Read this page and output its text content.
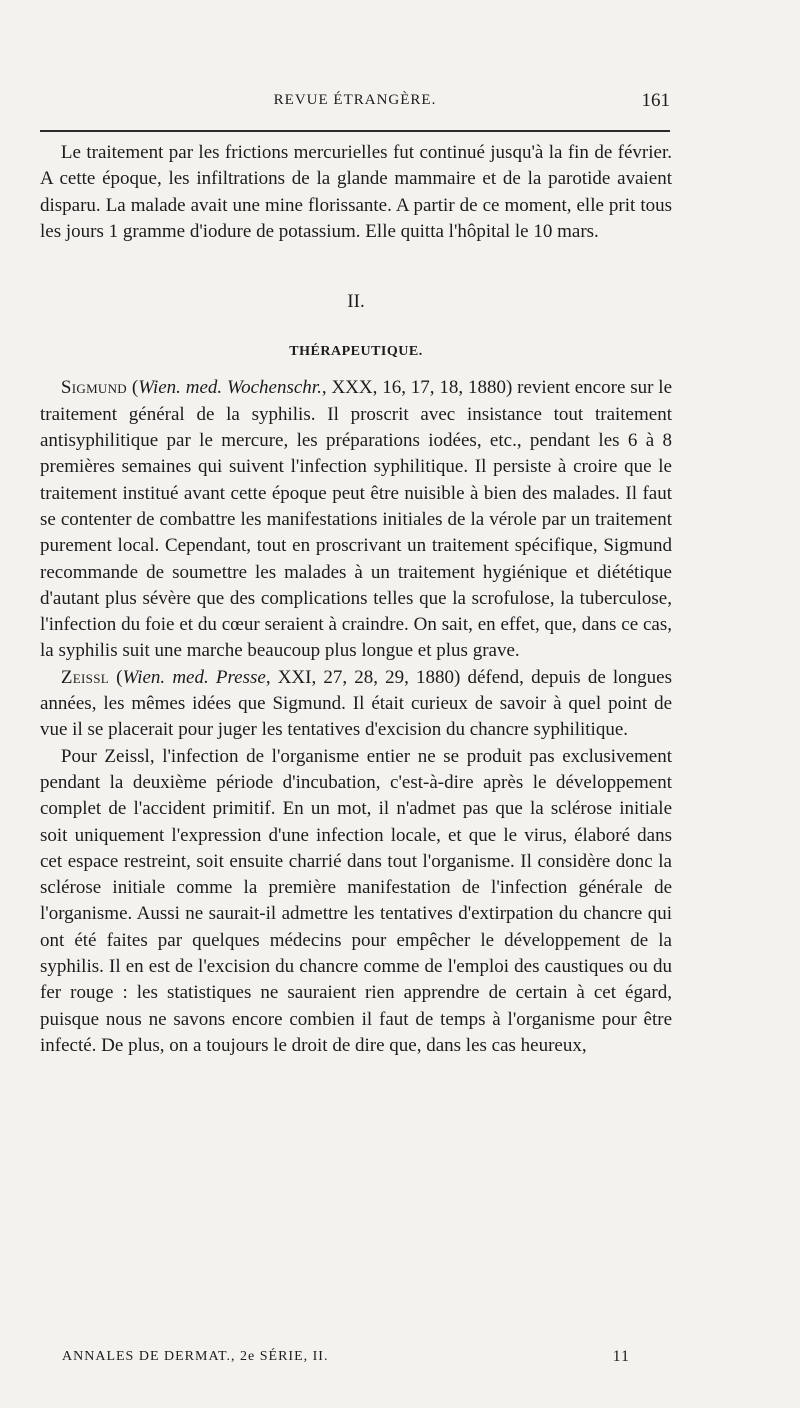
REVUE ÉTRANGÈRE.	161

Le traitement par les frictions mercurielles fut continué jusqu'à la fin de février. A cette époque, les infiltrations de la glande mammaire et de la parotide avaient disparu. La malade avait une mine florissante. A partir de ce moment, elle prit tous les jours 1 gramme d'iodure de potassium. Elle quitta l'hôpital le 10 mars.

II.

THÉRAPEUTIQUE.

Sigmund (Wien. med. Wochenschr., XXX, 16, 17, 18, 1880) revient encore sur le traitement général de la syphilis. Il proscrit avec insistance tout traitement antisyphilitique par le mercure, les préparations iodées, etc., pendant les 6 à 8 premières semaines qui suivent l'infection syphilitique. Il persiste à croire que le traitement institué avant cette époque peut être nuisible à bien des malades. Il faut se contenter de combattre les manifestations initiales de la vérole par un traitement purement local. Cependant, tout en proscrivant un traitement spécifique, Sigmund recommande de soumettre les malades à un traitement hygiénique et diététique d'autant plus sévère que des complications telles que la scrofulose, la tuberculose, l'infection du foie et du cœur seraient à craindre. On sait, en effet, que, dans ce cas, la syphilis suit une marche beaucoup plus longue et plus grave.

Zeissl (Wien. med. Presse, XXI, 27, 28, 29, 1880) défend, depuis de longues années, les mêmes idées que Sigmund. Il était curieux de savoir à quel point de vue il se placerait pour juger les tentatives d'excision du chancre syphilitique.

Pour Zeissl, l'infection de l'organisme entier ne se produit pas exclusivement pendant la deuxième période d'incubation, c'est-à-dire après le développement complet de l'accident primitif. En un mot, il n'admet pas que la sclérose initiale soit uniquement l'expression d'une infection locale, et que le virus, élaboré dans cet espace restreint, soit ensuite charrié dans tout l'organisme. Il considère donc la sclérose initiale comme la première manifestation de l'infection générale de l'organisme. Aussi ne saurait-il admettre les tentatives d'extirpation du chancre qui ont été faites par quelques médecins pour empêcher le développement de la syphilis. Il en est de l'excision du chancre comme de l'emploi des caustiques ou du fer rouge : les statistiques ne sauraient rien apprendre de certain à cet égard, puisque nous ne savons encore combien il faut de temps à l'organisme pour être infecté. De plus, on a toujours le droit de dire que, dans les cas heureux,

ANNALES DE DERMAT., 2e SÉRIE, II.	11
